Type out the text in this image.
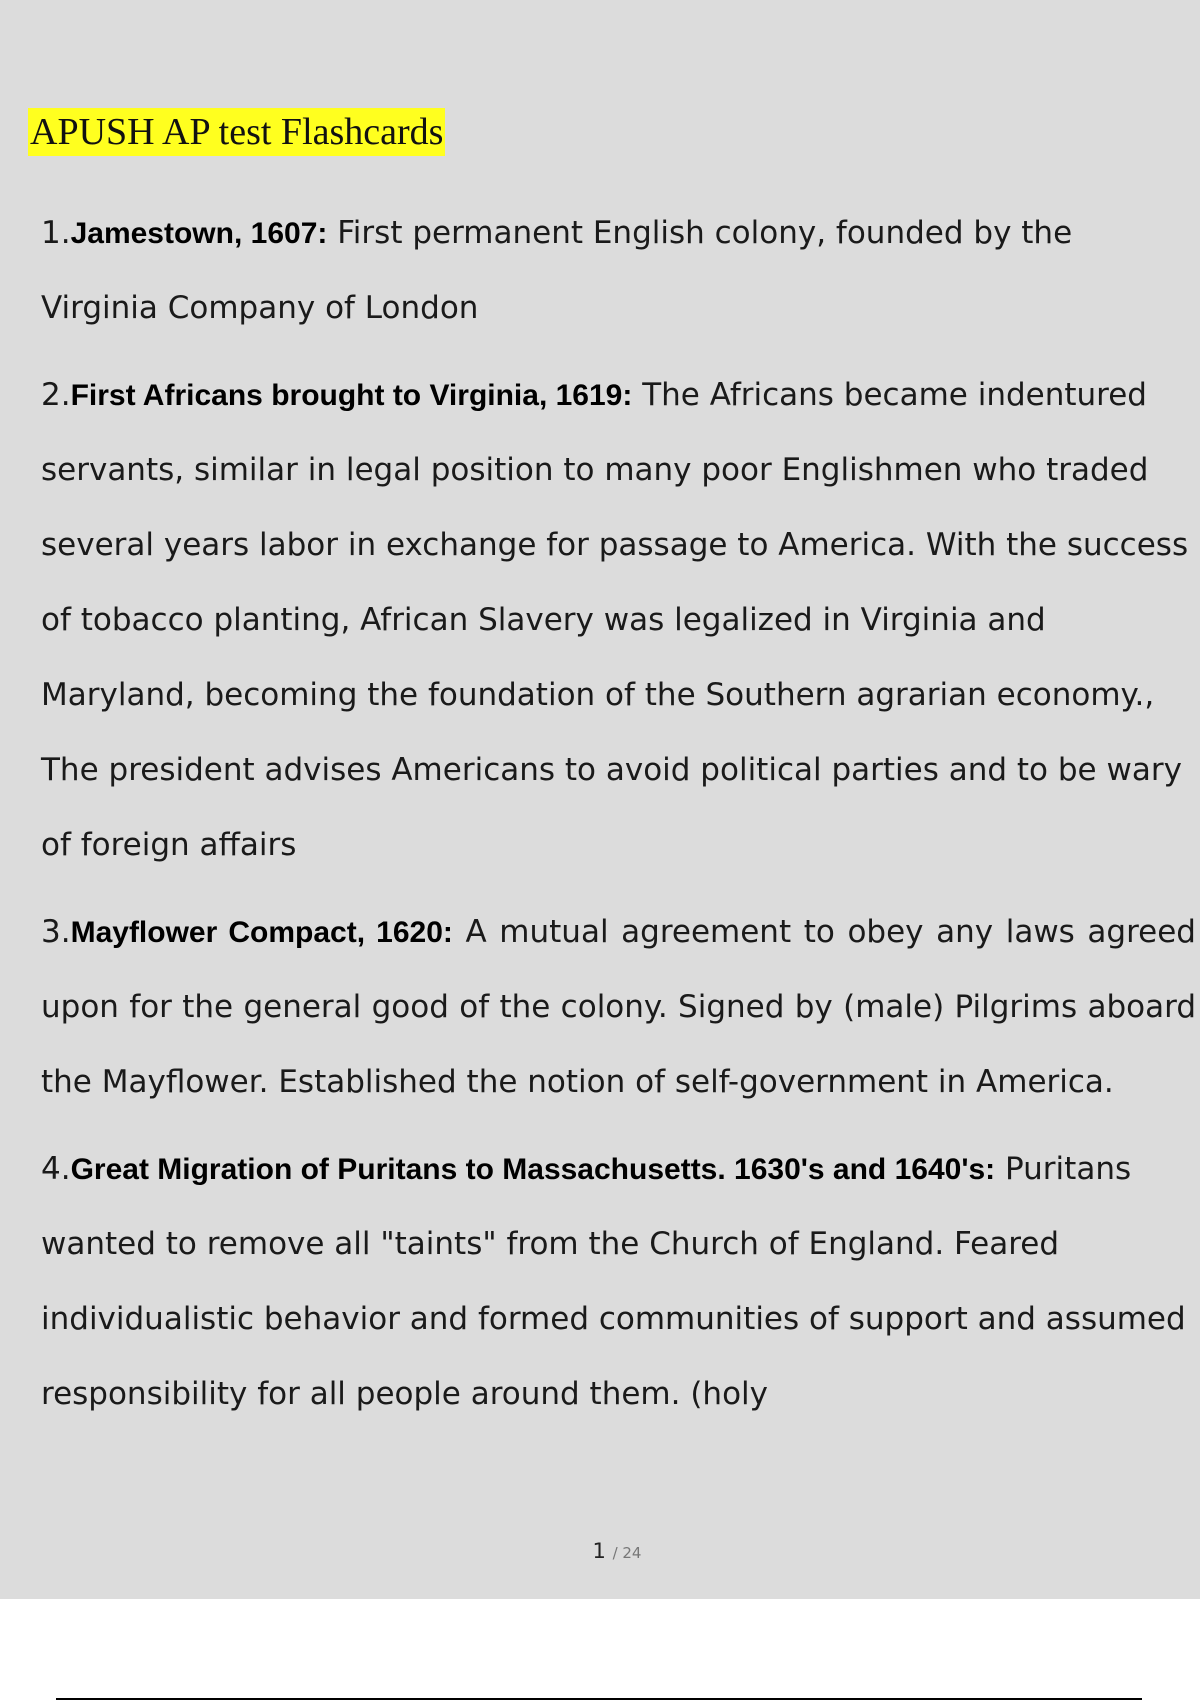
APUSH AP test Flashcards

1.Jamestown, 1607: First permanent English colony, founded by the Virginia Company of London

2.First Africans brought to Virginia, 1619: The Africans became indentured servants, similar in legal position to many poor Englishmen who traded several years labor in exchange for passage to America. With the success of tobacco planting, African Slavery was legalized in Virginia and Maryland, becoming the foundation of the Southern agrarian economy., The president advises Americans to avoid political parties and to be wary of foreign affairs

3.Mayflower Compact, 1620: A mutual agreement to obey any laws agreed upon for the general good of the colony. Signed by (male) Pilgrims aboard the Mayflower. Established the notion of self-government in America.

4.Great Migration of Puritans to Massachusetts. 1630's and 1640's: Puritans wanted to remove all "taints" from the Church of England. Feared individualistic behavior and formed communities of support and assumed responsibility for all people around them. (holy

1 / 24
